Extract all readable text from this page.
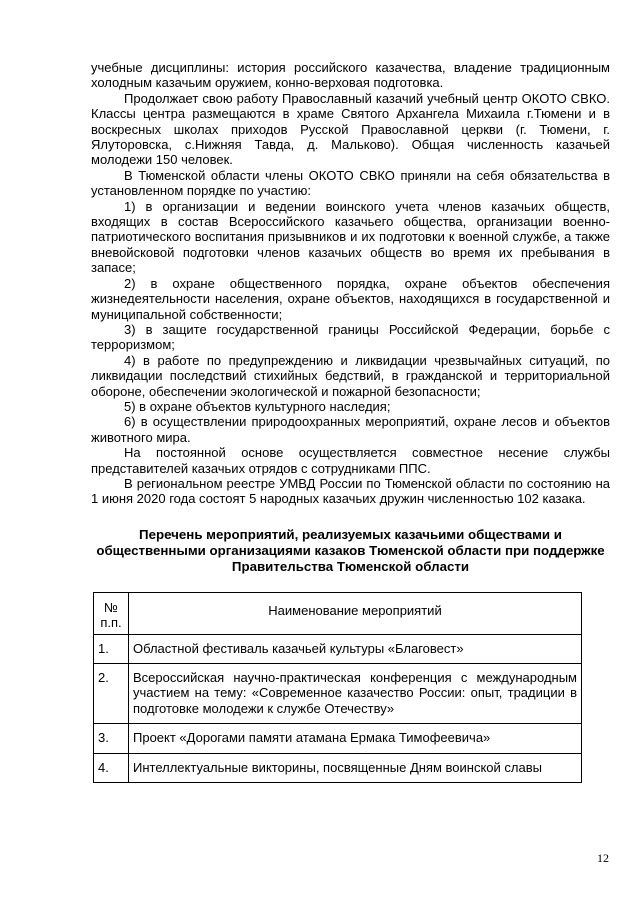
учебные дисциплины: история российского казачества, владение традиционным холодным казачьим оружием, конно-верховая подготовка.

Продолжает свою работу Православный казачий учебный центр ОКОТО СВКО. Классы центра размещаются в храме Святого Архангела Михаила г.Тюмени и в воскресных школах приходов Русской Православной церкви (г. Тюмени, г. Ялуторовска, с.Нижняя Тавда, д. Мальково). Общая численность казачьей молодежи 150 человек.

В Тюменской области члены ОКОТО СВКО приняли на себя обязательства в установленном порядке по участию:

1) в организации и ведении воинского учета членов казачьих обществ, входящих в состав Всероссийского казачьего общества, организации военно-патриотического воспитания призывников и их подготовки к военной службе, а также вневойсковой подготовки членов казачьих обществ во время их пребывания в запасе;

2) в охране общественного порядка, охране объектов обеспечения жизнедеятельности населения, охране объектов, находящихся в государственной и муниципальной собственности;

3) в защите государственной границы Российской Федерации, борьбе с терроризмом;

4) в работе по предупреждению и ликвидации чрезвычайных ситуаций, по ликвидации последствий стихийных бедствий, в гражданской и территориальной обороне, обеспечении экологической и пожарной безопасности;

5) в охране объектов культурного наследия;

6) в осуществлении природоохранных мероприятий, охране лесов и объектов животного мира.

На постоянной основе осуществляется совместное несение службы представителей казачьих отрядов с сотрудниками ППС.

В региональном реестре УМВД России по Тюменской области по состоянию на 1 июня 2020 года состоят 5 народных казачьих дружин численностью 102 казака.

Перечень мероприятий, реализуемых казачьими обществами и общественными организациями казаков Тюменской области при поддержке Правительства Тюменской области
№ п.п.	Наименование мероприятий
1.	Областной фестиваль казачьей культуры «Благовест»
2.	Всероссийская научно-практическая конференция с международным участием на тему: «Современное казачество России: опыт, традиции в подготовке молодежи к службе Отечеству»
3.	Проект «Дорогами памяти атамана Ермака Тимофеевича»
4.	Интеллектуальные викторины, посвященные Дням воинской славы
12
